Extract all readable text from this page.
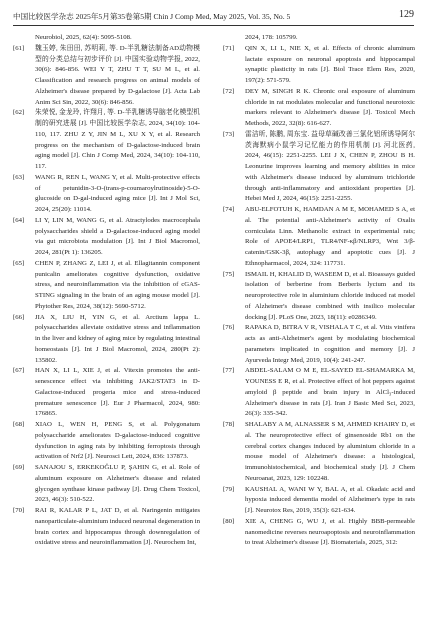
中国比较医学杂志 2025年5月第35卷第5期 Chin J Comp Med, May 2025, Vol. 35, No. 5	129
Neurobiol, 2025, 62(4): 5095-5108.
[61] 魏玉婷, 朱田田, 苏明莉, 等. D-半乳糖法制备AD动物模型的分类总结与初步评价 [J]. 中国实验动物学报, 2022, 30(6): 846-856. WEI Y T, ZHU T T, SU M L, et al. Classification and research progress on animal models of Alzheimer's disease prepared by D-galactose [J]. Acta Lab Anim Sci Sin, 2022, 30(6): 846-856.
[62] 朱荣悦, 金龙玲, 许翔月, 等. D-半乳糖诱导脑老化模型机制的研究进展 [J]. 中国比较医学杂志, 2024, 34(10): 104-110, 117. ZHU Z Y, JIN M L, XU X Y, et al. Research progress on the mechanism of D-galactose-induced brain aging model [J]. Chin J Comp Med, 2024, 34(10): 104-110, 117.
[63] WANG R, REN L, WANG Y, et al. Multi-protective effects of petunidin-3-O-(trans-p-coumaroylrutinoside)-5-O-glucoside on D-gal-induced aging mice [J]. Int J Mol Sci, 2024, 25(20): 11014.
[64] LI Y, LIN M, WANG G, et al. Atractylodes macrocephala polysaccharides shield a D-galactose-induced aging model via gut microbiota modulation [J]. Int J Biol Macromol, 2024, 281(Pt 1): 136205.
[65] CHEN P, ZHANG Z, LEI J, et al. Ellagitannin component punicalin ameliorates cognitive dysfunction, oxidative stress, and neuroinflammation via the inhibition of cGAS-STING signaling in the brain of an aging mouse model [J]. Phytother Res, 2024, 38(12): 5690-5712.
[66] JIA X, LIU H, YIN G, et al. Arctium lappa L. polysaccharides alleviate oxidative stress and inflammation in the liver and kidney of aging mice by regulating intestinal homeostasis [J]. Int J Biol Macromol, 2024, 280(Pt 2): 135802.
[67] HAN X, LI L, XIE J, et al. Vitexin promotes the anti-senescence effect via inhibiting JAK2/STAT3 in D-Galactose-induced progeria mice and stress-induced premature senescence [J]. Eur J Pharmacol, 2024, 980: 176865.
[68] XIAO L, WEN H, PENG S, et al. Polygonatum polysaccharide ameliorates D-galactose-induced cognitive dysfunction in aging rats by inhibiting ferroptosis through activation of Nrf2 [J]. Neurosci Lett, 2024, 836: 137873.
[69] SANAJOU S, ERKEKOĞLU P, ŞAHIN G, et al. Role of aluminum exposure on Alzheimer's disease and related glycogen synthase kinase pathway [J]. Drug Chem Toxicol, 2023, 46(3): 510-522.
[70] RAI R, KALAR P L, JAT D, et al. Naringenin mitigates nanoparticulate-aluminium induced neuronal degeneration in brain cortex and hippocampus through downregulation of oxidative stress and neuroinflammation [J]. Neurochem Int,
2024, 178: 105799.
[71] QIN X, LI L, NIE X, et al. Effects of chronic aluminum lactate exposure on neuronal apoptosis and hippocampal synaptic plasticity in rats [J]. Biol Trace Elem Res, 2020, 197(2): 571-579.
[72] DEY M, SINGH R K. Chronic oral exposure of aluminum chloride in rat modulates molecular and functional neurotoxic markers relevant to Alzheimer's disease [J]. Toxicol Mech Methods, 2022, 32(8): 616-627.
[73] 雷洁昕, 陈鹏, 周东宝. 益母草碱改善三氯化铝所诱导阿尔茨海默病小鼠学习记忆能力的作用机制 [J]. 河北医药, 2024, 46(15): 2251-2255. LEI J X, CHEN P, ZHOU B H. Leonurine improves learning and memory abilities in mice with Alzheimer's disease induced by aluminum trichloride through anti-inflammatory and antioxidant properties [J]. Hebei Med J, 2024, 46(15): 2251-2255.
[74] ABU-ELFOTUH K, HAMDAN A M E, MOHAMED S A, et al. The potential anti-Alzheimer's activity of Oxalis corniculata Linn. Methanolic extract in experimental rats; Role of APOE4/LRP1, TLR4/NF-κβ/NLRP3, Wnt 3/β-catenin/GSK-3β, autophagy and apoptotic cues [J]. J Ethnopharmacol, 2024, 324: 117731.
[75] ISMAIL H, KHALID D, WASEEM D, et al. Bioassays guided isolation of berberine from Berberis lycium and its neuroprotective role in aluminium chloride induced rat model of Alzheimer's disease combined with insilico molecular docking [J]. PLoS One, 2023, 18(11): e0286349.
[76] RAPAKA D, BITRA V R, VISHALA T C, et al. Vitis vinifera acts as anti-Alzheimer's agent by modulating biochemical parameters implicated in cognition and memory [J]. J Ayurveda Integr Med, 2019, 10(4): 241-247.
[77] ABDEL-SALAM O M E, EL-SAYED EL-SHAMARKA M, YOUNESS E R, et al. Protective effect of hot peppers against amyloid β peptide and brain injury in AlCl₃-induced Alzheimer's disease in rats [J]. Iran J Basic Med Sci, 2023, 26(3): 335-342.
[78] SHALABY A M, ALNASSER S M, AHMED KHAIRY D, et al. The neuroprotective effect of ginsenoside Rb1 on the cerebral cortex changes induced by aluminium chloride in a mouse model of Alzheimer's disease: a histological, immunohistochemical, and biochemical study [J]. J Chem Neuroanat, 2023, 129: 102248.
[79] KAUSHAL A, WANI W Y, BAL A, et al. Okadaic acid and hypoxia induced dementia model of Alzheimer's type in rats [J]. Neurotox Res, 2019, 35(3): 621-634.
[80] XIE A, CHENG G, WU J, et al. Highly BBB-permeable nanomedicine reverses neuroapoptosis and neuroinflammation to treat Alzheimer's disease [J]. Biomaterials, 2025, 312:
